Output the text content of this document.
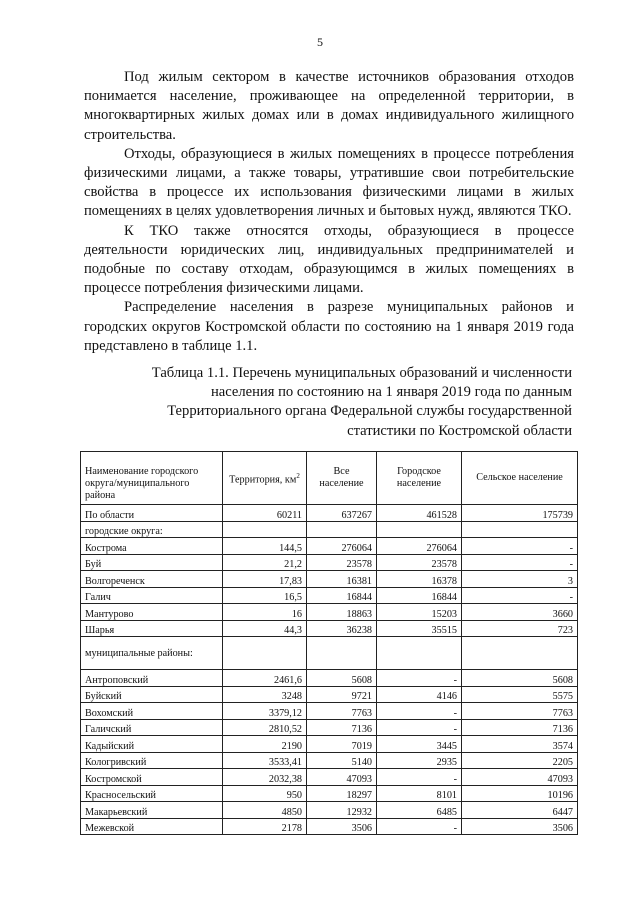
5

Под жилым сектором в качестве источников образования отходов понимается население, проживающее на определенной территории, в многоквартирных жилых домах или в домах индивидуального жилищного строительства.

Отходы, образующиеся в жилых помещениях в процессе потребления физическими лицами, а также товары, утратившие свои потребительские свойства в процессе их использования физическими лицами в жилых помещениях в целях удовлетворения личных и бытовых нужд, являются ТКО.

К ТКО также относятся отходы, образующиеся в процессе деятельности юридических лиц, индивидуальных предпринимателей и подобные по составу отходам, образующимся в жилых помещениях в процессе потребления физическими лицами.

Распределение населения в разрезе муниципальных районов и городских округов Костромской области по состоянию на 1 января 2019 года представлено в таблице 1.1.

Таблица 1.1. Перечень муниципальных образований и численности
населения по состоянию на 1 января 2019 года по данным
Территориального органа Федеральной службы государственной
статистики по Костромской области
Наименование городского округа/муниципального района	Территория, $км^2$	Все население	Городское население	Сельское население
По области	60211	637267	461528	175739
городские округа:				
Кострома	144,5	276064	276064	-
Буй	21,2	23578	23578	-
Волгореченск	17,83	16381	16378	3
Галич	16,5	16844	16844	-
Мантурово	16	18863	15203	3660
Шарья	44,3	36238	35515	723
муниципальные районы:				
Антроповский	2461,6	5608	-	5608
Буйский	3248	9721	4146	5575
Вохомский	3379,12	7763	-	7763
Галичский	2810,52	7136	-	7136
Кадыйский	2190	7019	3445	3574
Кологривский	3533,41	5140	2935	2205
Костромской	2032,38	47093	-	47093
Красносельский	950	18297	8101	10196
Макарьевский	4850	12932	6485	6447
Межевской	2178	3506	-	3506
